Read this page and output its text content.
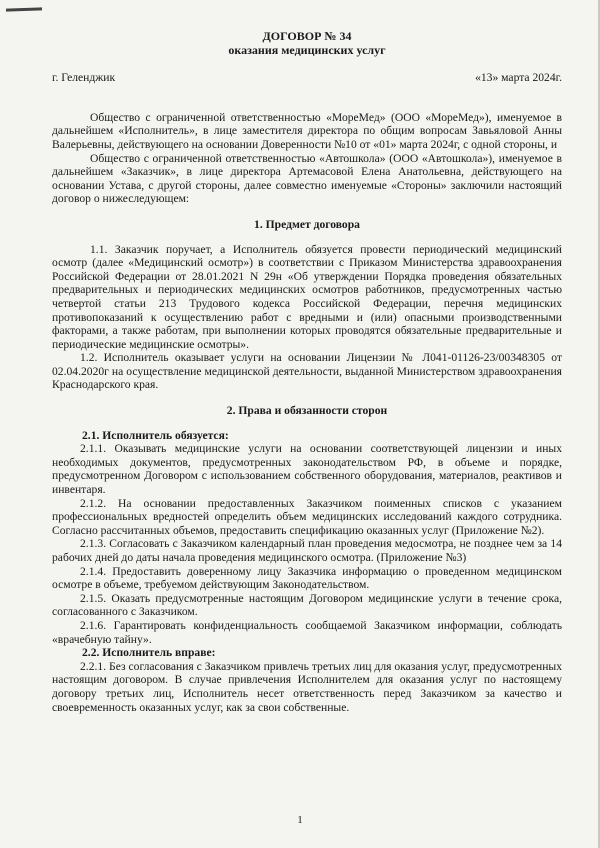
ДОГОВОР № 34

оказания медицинских услуг

г. Геленджик	«13» марта 2024г.

Общество с ограниченной ответственностью «МореМед» (ООО «МореМед»), именуемое в дальнейшем «Исполнитель», в лице заместителя директора по общим вопросам Завьяловой Анны Валерьевны, действующего на основании Доверенности №10 от «01» марта 2024г, с одной стороны, и

Общество с ограниченной ответственностью «Автошкола» (ООО «Автошкола»), именуемое в дальнейшем «Заказчик», в лице директора Артемасовой Елена Анатольевна, действующего на основании Устава, с другой стороны, далее совместно именуемые «Стороны» заключили настоящий договор о нижеследующем:

1. Предмет договора

1.1. Заказчик поручает, а Исполнитель обязуется провести периодический медицинский осмотр (далее «Медицинский осмотр») в соответствии с Приказом Министерства здравоохранения Российской Федерации от 28.01.2021 N 29н «Об утверждении Порядка проведения обязательных предварительных и периодических медицинских осмотров работников, предусмотренных частью четвертой статьи 213 Трудового кодекса Российской Федерации, перечня медицинских противопоказаний к осуществлению работ с вредными и (или) опасными производственными факторами, а также работам, при выполнении которых проводятся обязательные предварительные и периодические медицинские осмотры».

1.2. Исполнитель оказывает услуги на основании Лицензии № Л041-01126-23/00348305 от 02.04.2020г на осуществление медицинской деятельности, выданной Министерством здравоохранения Краснодарского края.

2. Права и обязанности сторон

2.1. Исполнитель обязуется:

2.1.1. Оказывать медицинские услуги на основании соответствующей лицензии и иных необходимых документов, предусмотренных законодательством РФ, в объеме и порядке, предусмотренном Договором с использованием собственного оборудования, материалов, реактивов и инвентаря.

2.1.2. На основании предоставленных Заказчиком поименных списков с указанием профессиональных вредностей определить объем медицинских исследований каждого сотрудника. Согласно рассчитанных объемов, предоставить спецификацию оказанных услуг (Приложение №2).

2.1.3. Согласовать с Заказчиком календарный план проведения медосмотра, не позднее чем за 14 рабочих дней до даты начала проведения медицинского осмотра. (Приложение №3)

2.1.4. Предоставить доверенному лицу Заказчика информацию о проведенном медицинском осмотре в объеме, требуемом действующим Законодательством.

2.1.5. Оказать предусмотренные настоящим Договором медицинские услуги в течение срока, согласованного с Заказчиком.

2.1.6. Гарантировать конфиденциальность сообщаемой Заказчиком информации, соблюдать «врачебную тайну».

2.2. Исполнитель вправе:

2.2.1. Без согласования с Заказчиком привлечь третьих лиц для оказания услуг, предусмотренных настоящим договором. В случае привлечения Исполнителем для оказания услуг по настоящему договору третьих лиц, Исполнитель несет ответственность перед Заказчиком за качество и своевременность оказанных услуг, как за свои собственные.

1
